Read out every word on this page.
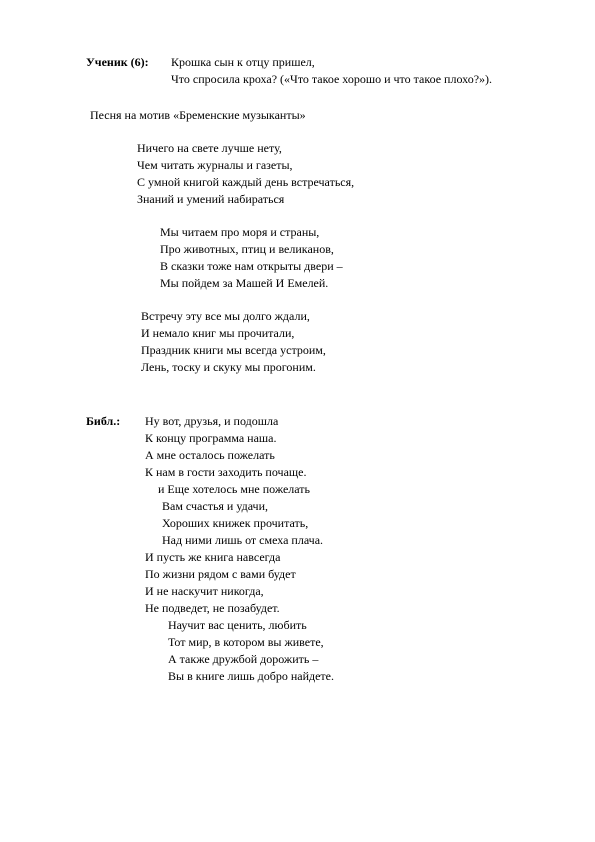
Ученик (6): Крошка сын к отцу пришел,
Что спросила кроха? («Что такое хорошо и что такое плохо?»).
Песня на мотив «Бременские музыканты»
Ничего на свете лучше нету,
Чем читать журналы и газеты,
С умной книгой каждый день встречаться,
Знаний и умений набираться
Мы читаем про моря и страны,
Про животных, птиц и великанов,
В сказки тоже нам открыты двери –
Мы пойдем за Машей И Емелей.
Встречу эту все мы долго ждали,
И немало книг мы прочитали,
Праздник книги мы всегда устроим,
Лень, тоску и скуку мы прогоним.
Библ.: Ну вот, друзья, и подошла
К концу программа наша.
А мне осталось пожелать
К нам в гости заходить почаще.
и Еще хотелось мне пожелать
Вам счастья и удачи,
Хороших книжек прочитать,
Над ними лишь от смеха плача.
И пусть же книга навсегда
По жизни рядом с вами будет
И не наскучит никогда,
Не подведет, не позабудет.
Научит вас ценить, любить
Тот мир, в котором вы живете,
А также дружбой дорожить –
Вы в книге лишь добро найдете.
